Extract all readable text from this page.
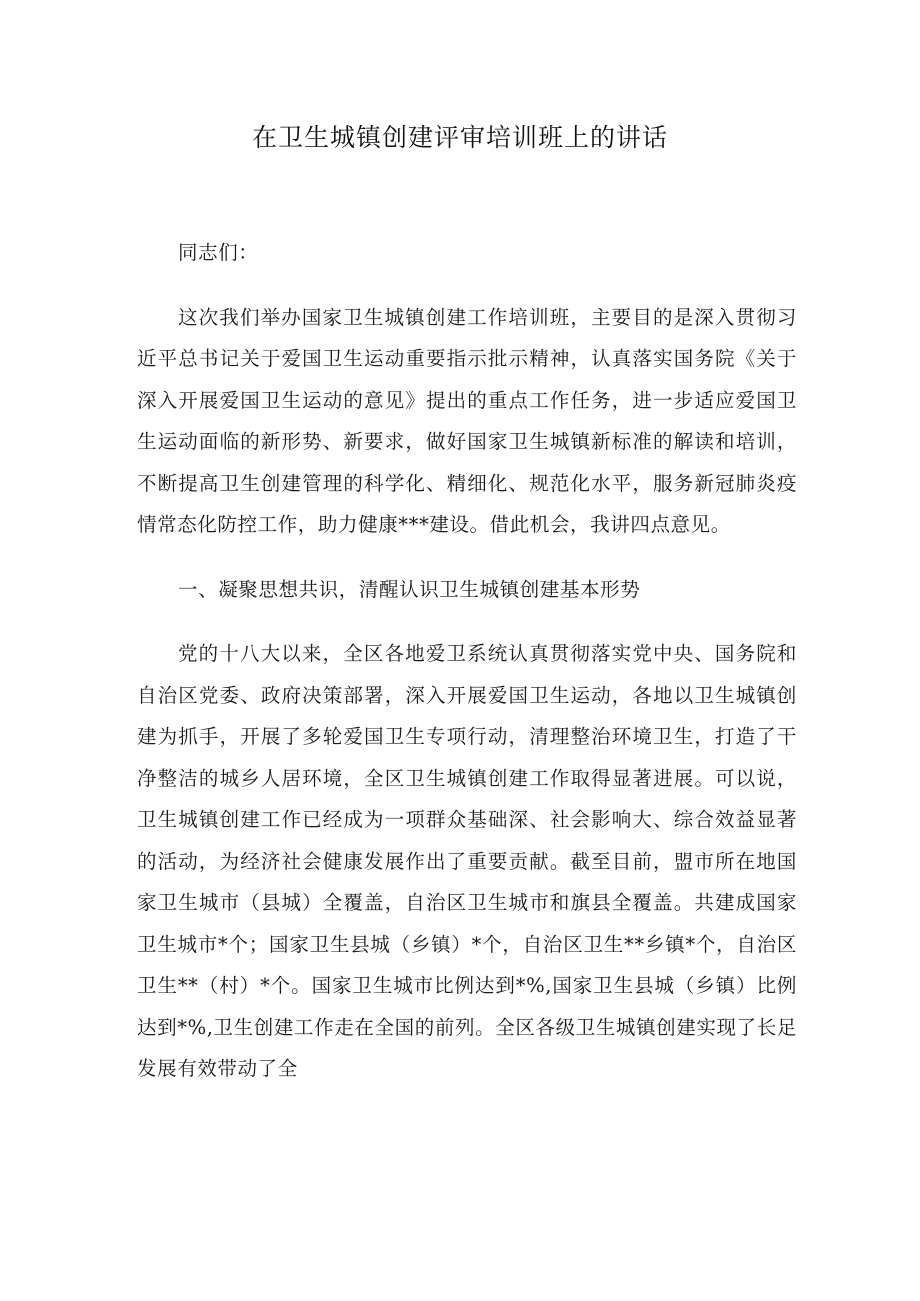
在卫生城镇创建评审培训班上的讲话

同志们：

这次我们举办国家卫生城镇创建工作培训班，主要目的是深入贯彻习近平总书记关于爱国卫生运动重要指示批示精神，认真落实国务院《关于深入开展爱国卫生运动的意见》提出的重点工作任务，进一步适应爱国卫生运动面临的新形势、新要求，做好国家卫生城镇新标准的解读和培训，不断提高卫生创建管理的科学化、精细化、规范化水平，服务新冠肺炎疫情常态化防控工作，助力健康***建设。借此机会，我讲四点意见。

一、凝聚思想共识，清醒认识卫生城镇创建基本形势

党的十八大以来，全区各地爱卫系统认真贯彻落实党中央、国务院和自治区党委、政府决策部署，深入开展爱国卫生运动，各地以卫生城镇创建为抓手，开展了多轮爱国卫生专项行动，清理整治环境卫生，打造了干净整洁的城乡人居环境，全区卫生城镇创建工作取得显著进展。可以说，卫生城镇创建工作已经成为一项群众基础深、社会影响大、综合效益显著的活动，为经济社会健康发展作出了重要贡献。截至目前，盟市所在地国家卫生城市（县城）全覆盖，自治区卫生城市和旗县全覆盖。共建成国家卫生城市*个；国家卫生县城（乡镇）*个，自治区卫生**乡镇*个，自治区卫生**（村）*个。国家卫生城市比例达到*%,国家卫生县城（乡镇）比例达到*%,卫生创建工作走在全国的前列。全区各级卫生城镇创建实现了长足发展有效带动了全
